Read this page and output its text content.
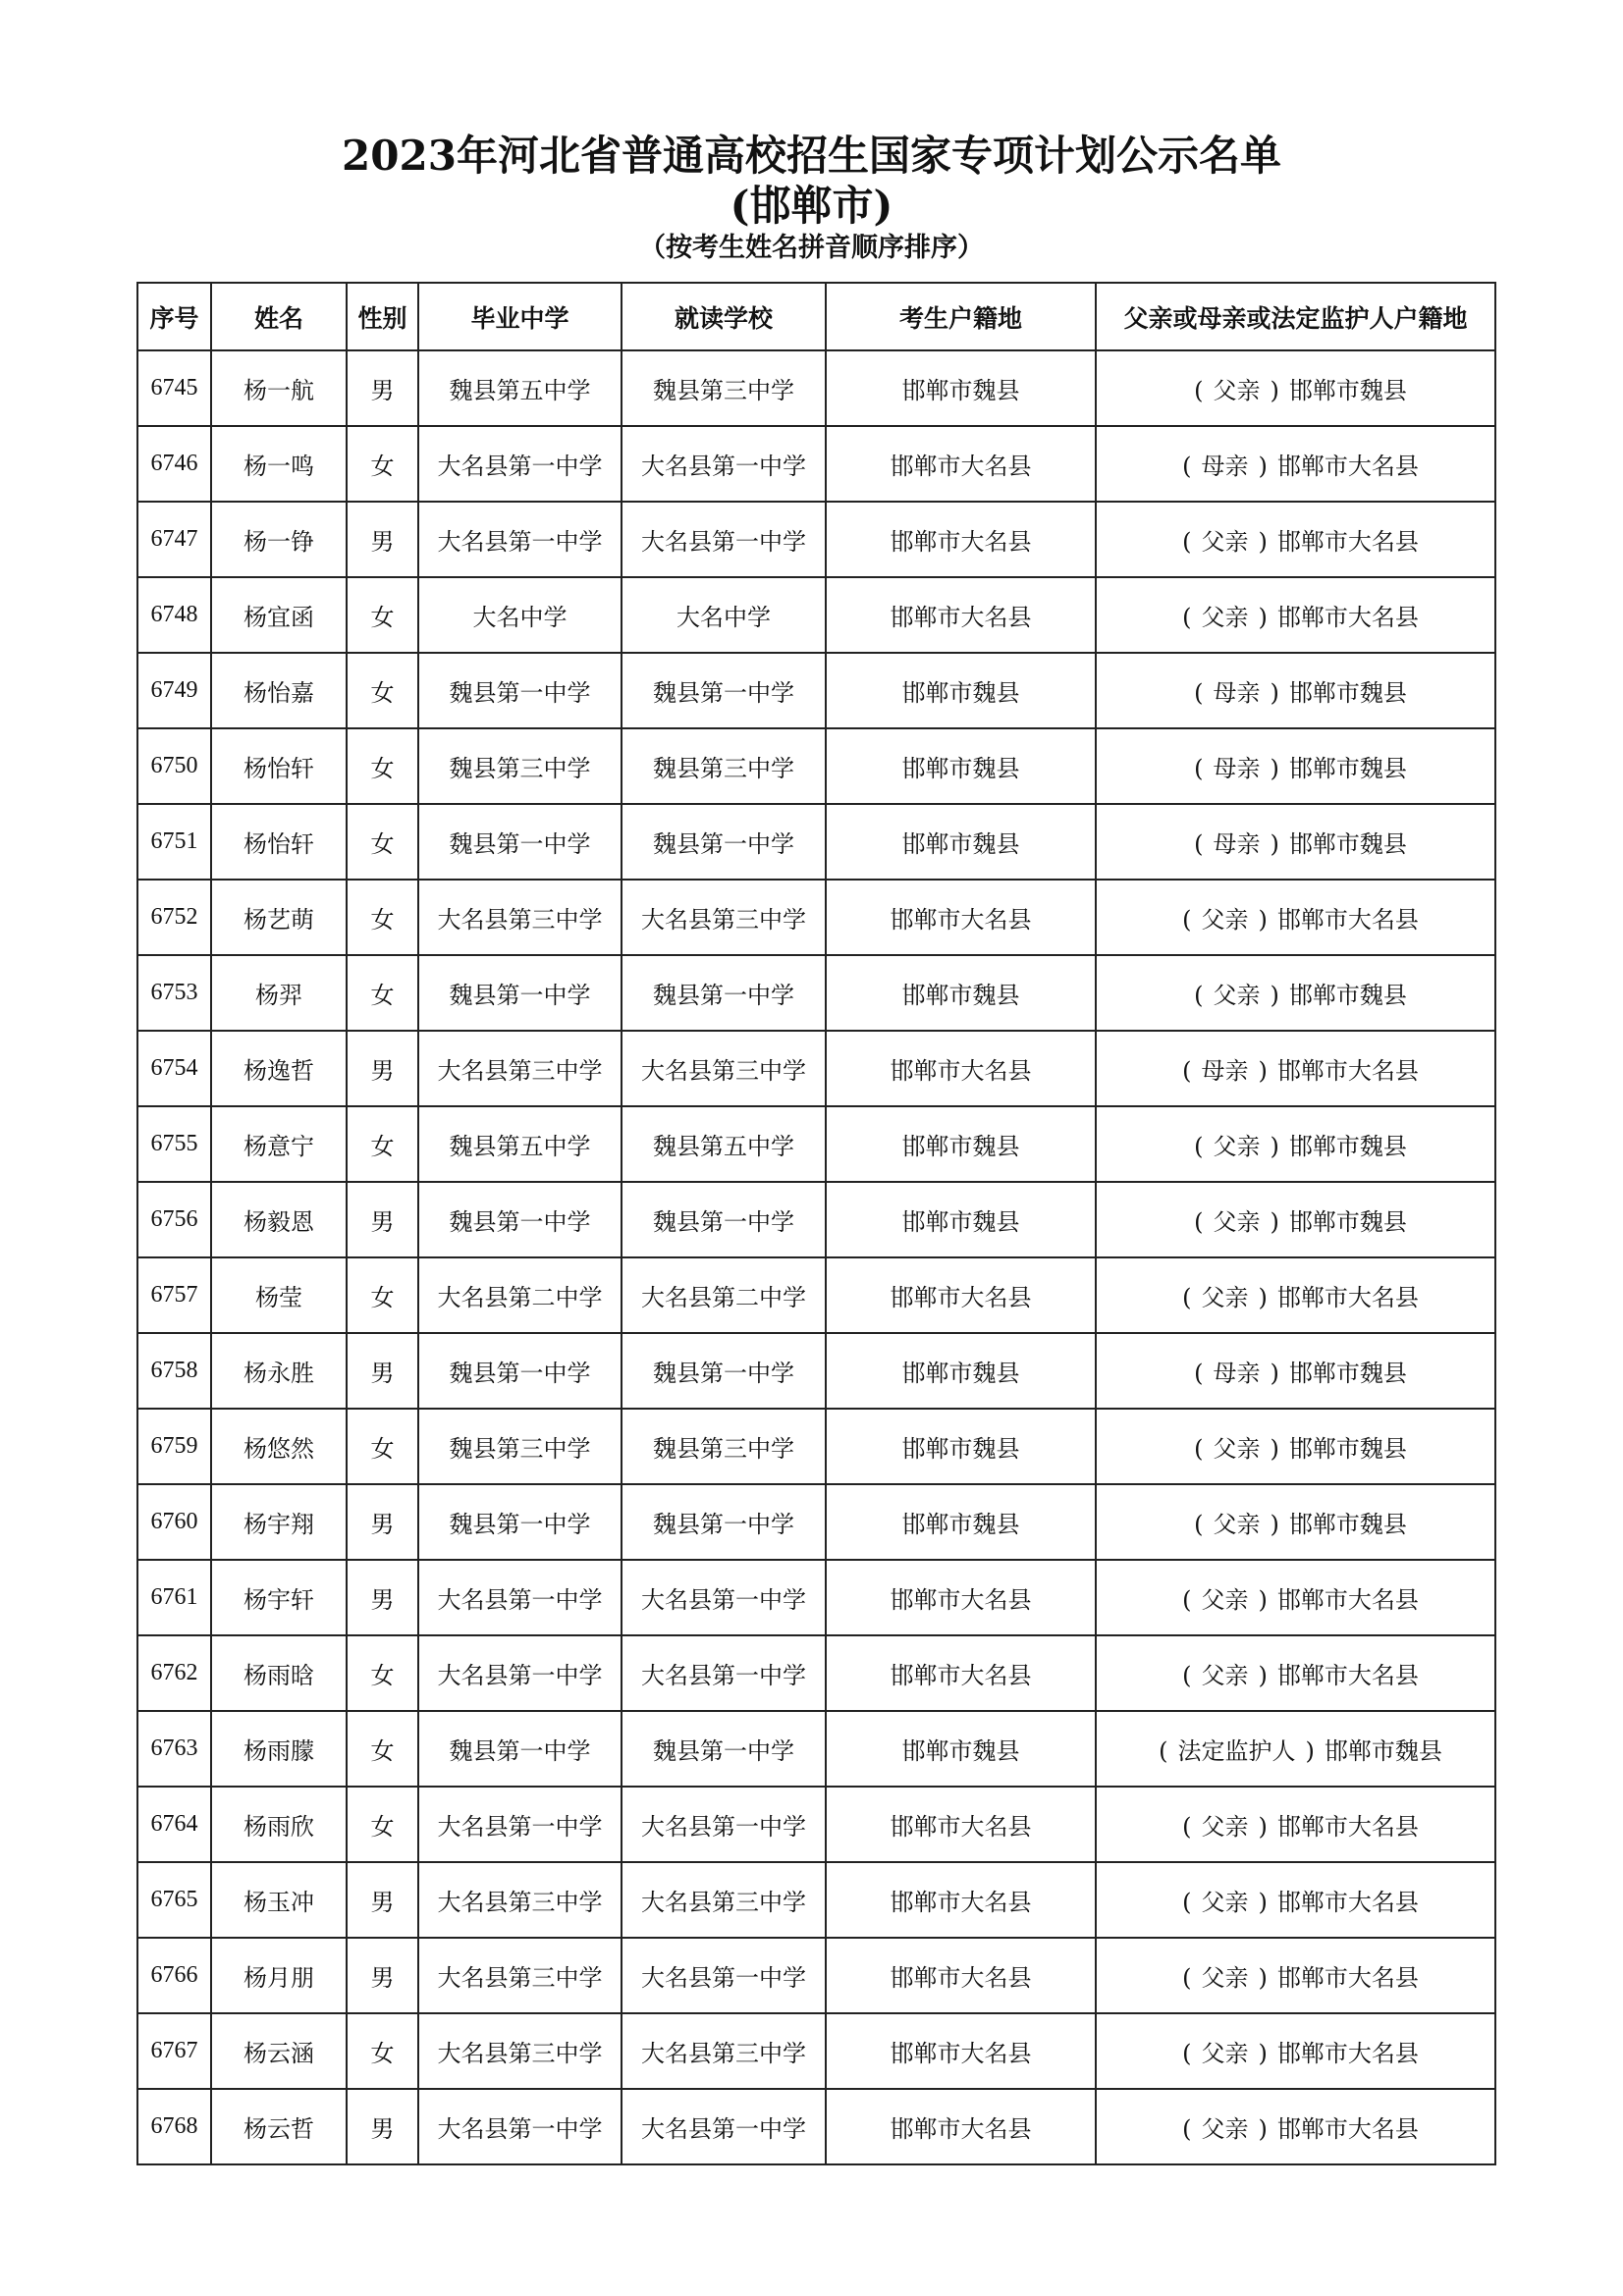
2023年河北省普通高校招生国家专项计划公示名单
(邯郸市)
（按考生姓名拼音顺序排序）
序号	姓名	性别	毕业中学	就读学校	考生户籍地	父亲或母亲或法定监护人户籍地
6745	杨一航	男	魏县第五中学	魏县第三中学	邯郸市魏县	( 父亲 ) 邯郸市魏县
6746	杨一鸣	女	大名县第一中学	大名县第一中学	邯郸市大名县	( 母亲 ) 邯郸市大名县
6747	杨一铮	男	大名县第一中学	大名县第一中学	邯郸市大名县	( 父亲 ) 邯郸市大名县
6748	杨宜函	女	大名中学	大名中学	邯郸市大名县	( 父亲 ) 邯郸市大名县
6749	杨怡嘉	女	魏县第一中学	魏县第一中学	邯郸市魏县	( 母亲 ) 邯郸市魏县
6750	杨怡轩	女	魏县第三中学	魏县第三中学	邯郸市魏县	( 母亲 ) 邯郸市魏县
6751	杨怡轩	女	魏县第一中学	魏县第一中学	邯郸市魏县	( 母亲 ) 邯郸市魏县
6752	杨艺萌	女	大名县第三中学	大名县第三中学	邯郸市大名县	( 父亲 ) 邯郸市大名县
6753	杨羿	女	魏县第一中学	魏县第一中学	邯郸市魏县	( 父亲 ) 邯郸市魏县
6754	杨逸哲	男	大名县第三中学	大名县第三中学	邯郸市大名县	( 母亲 ) 邯郸市大名县
6755	杨意宁	女	魏县第五中学	魏县第五中学	邯郸市魏县	( 父亲 ) 邯郸市魏县
6756	杨毅恩	男	魏县第一中学	魏县第一中学	邯郸市魏县	( 父亲 ) 邯郸市魏县
6757	杨莹	女	大名县第二中学	大名县第二中学	邯郸市大名县	( 父亲 ) 邯郸市大名县
6758	杨永胜	男	魏县第一中学	魏县第一中学	邯郸市魏县	( 母亲 ) 邯郸市魏县
6759	杨悠然	女	魏县第三中学	魏县第三中学	邯郸市魏县	( 父亲 ) 邯郸市魏县
6760	杨宇翔	男	魏县第一中学	魏县第一中学	邯郸市魏县	( 父亲 ) 邯郸市魏县
6761	杨宇轩	男	大名县第一中学	大名县第一中学	邯郸市大名县	( 父亲 ) 邯郸市大名县
6762	杨雨晗	女	大名县第一中学	大名县第一中学	邯郸市大名县	( 父亲 ) 邯郸市大名县
6763	杨雨朦	女	魏县第一中学	魏县第一中学	邯郸市魏县	( 法定监护人 ) 邯郸市魏县
6764	杨雨欣	女	大名县第一中学	大名县第一中学	邯郸市大名县	( 父亲 ) 邯郸市大名县
6765	杨玉冲	男	大名县第三中学	大名县第三中学	邯郸市大名县	( 父亲 ) 邯郸市大名县
6766	杨月朋	男	大名县第三中学	大名县第一中学	邯郸市大名县	( 父亲 ) 邯郸市大名县
6767	杨云涵	女	大名县第三中学	大名县第三中学	邯郸市大名县	( 父亲 ) 邯郸市大名县
6768	杨云哲	男	大名县第一中学	大名县第一中学	邯郸市大名县	( 父亲 ) 邯郸市大名县
